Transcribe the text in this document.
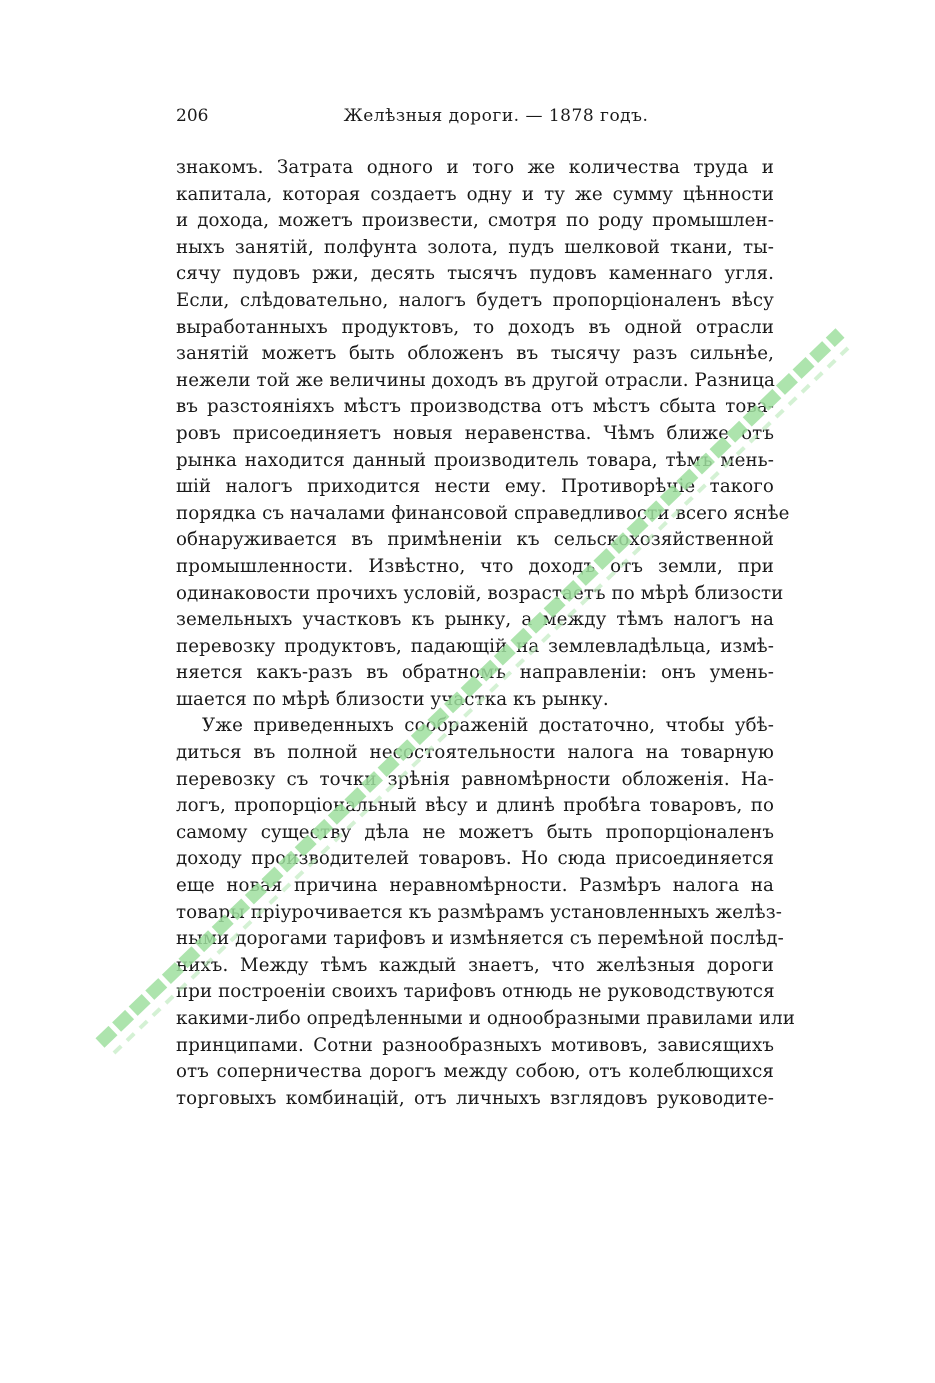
206	Желѣзныя дороги. — 1878 годъ.
знакомъ. Затрата одного и того же количества труда и
капитала, которая создаетъ одну и ту же сумму цѣнности
и дохода, можетъ произвести, смотря по роду промышлен-
ныхъ занятій, полфунта золота, пудъ шелковой ткани, ты-
сячу пудовъ ржи, десять тысячъ пудовъ каменнаго угля.
Если, слѣдовательно, налогъ будетъ пропорціоналенъ вѣсу
выработанныхъ продуктовъ, то доходъ въ одной отрасли
занятій можетъ быть обложенъ въ тысячу разъ сильнѣе,
нежели той же величины доходъ въ другой отрасли. Разница
въ разстояніяхъ мѣстъ производства отъ мѣстъ сбыта това-
ровъ присоединяетъ новыя неравенства. Чѣмъ ближе отъ
рынка находится данный производитель товара, тѣмъ мень-
шій налогъ приходится нести ему. Противорѣчіе такого
порядка съ началами финансовой справедливости всего яснѣе
обнаруживается въ примѣненіи къ сельскохозяйственной
промышленности. Извѣстно, что доходъ отъ земли, при
одинаковости прочихъ условій, возрастаетъ по мѣрѣ близости
земельныхъ участковъ къ рынку, а между тѣмъ налогъ на
перевозку продуктовъ, падающій на землевладѣльца, измѣ-
няется какъ-разъ въ обратномъ направленіи: онъ умень-
шается по мѣрѣ близости участка къ рынку.
Уже приведенныхъ соображеній достаточно, чтобы убѣ-
диться въ полной несостоятельности налога на товарную
перевозку съ точки зрѣнія равномѣрности обложенія. На-
логъ, пропорціональный вѣсу и длинѣ пробѣга товаровъ, по
самому существу дѣла не можетъ быть пропорціоналенъ
доходу производителей товаровъ. Но сюда присоединяется
еще новая причина неравномѣрности. Размѣръ налога на
товары пріурочивается къ размѣрамъ установленныхъ желѣз-
ными дорогами тарифовъ и измѣняется съ перемѣной послѣд-
нихъ. Между тѣмъ каждый знаетъ, что желѣзныя дороги
при построеніи своихъ тарифовъ отнюдь не руководствуются
какими-либо опредѣленными и однообразными правилами или
принципами. Сотни разнообразныхъ мотивовъ, зависящихъ
отъ соперничества дорогъ между собою, отъ колеблющихся
торговыхъ комбинацій, отъ личныхъ взглядовъ руководите-
